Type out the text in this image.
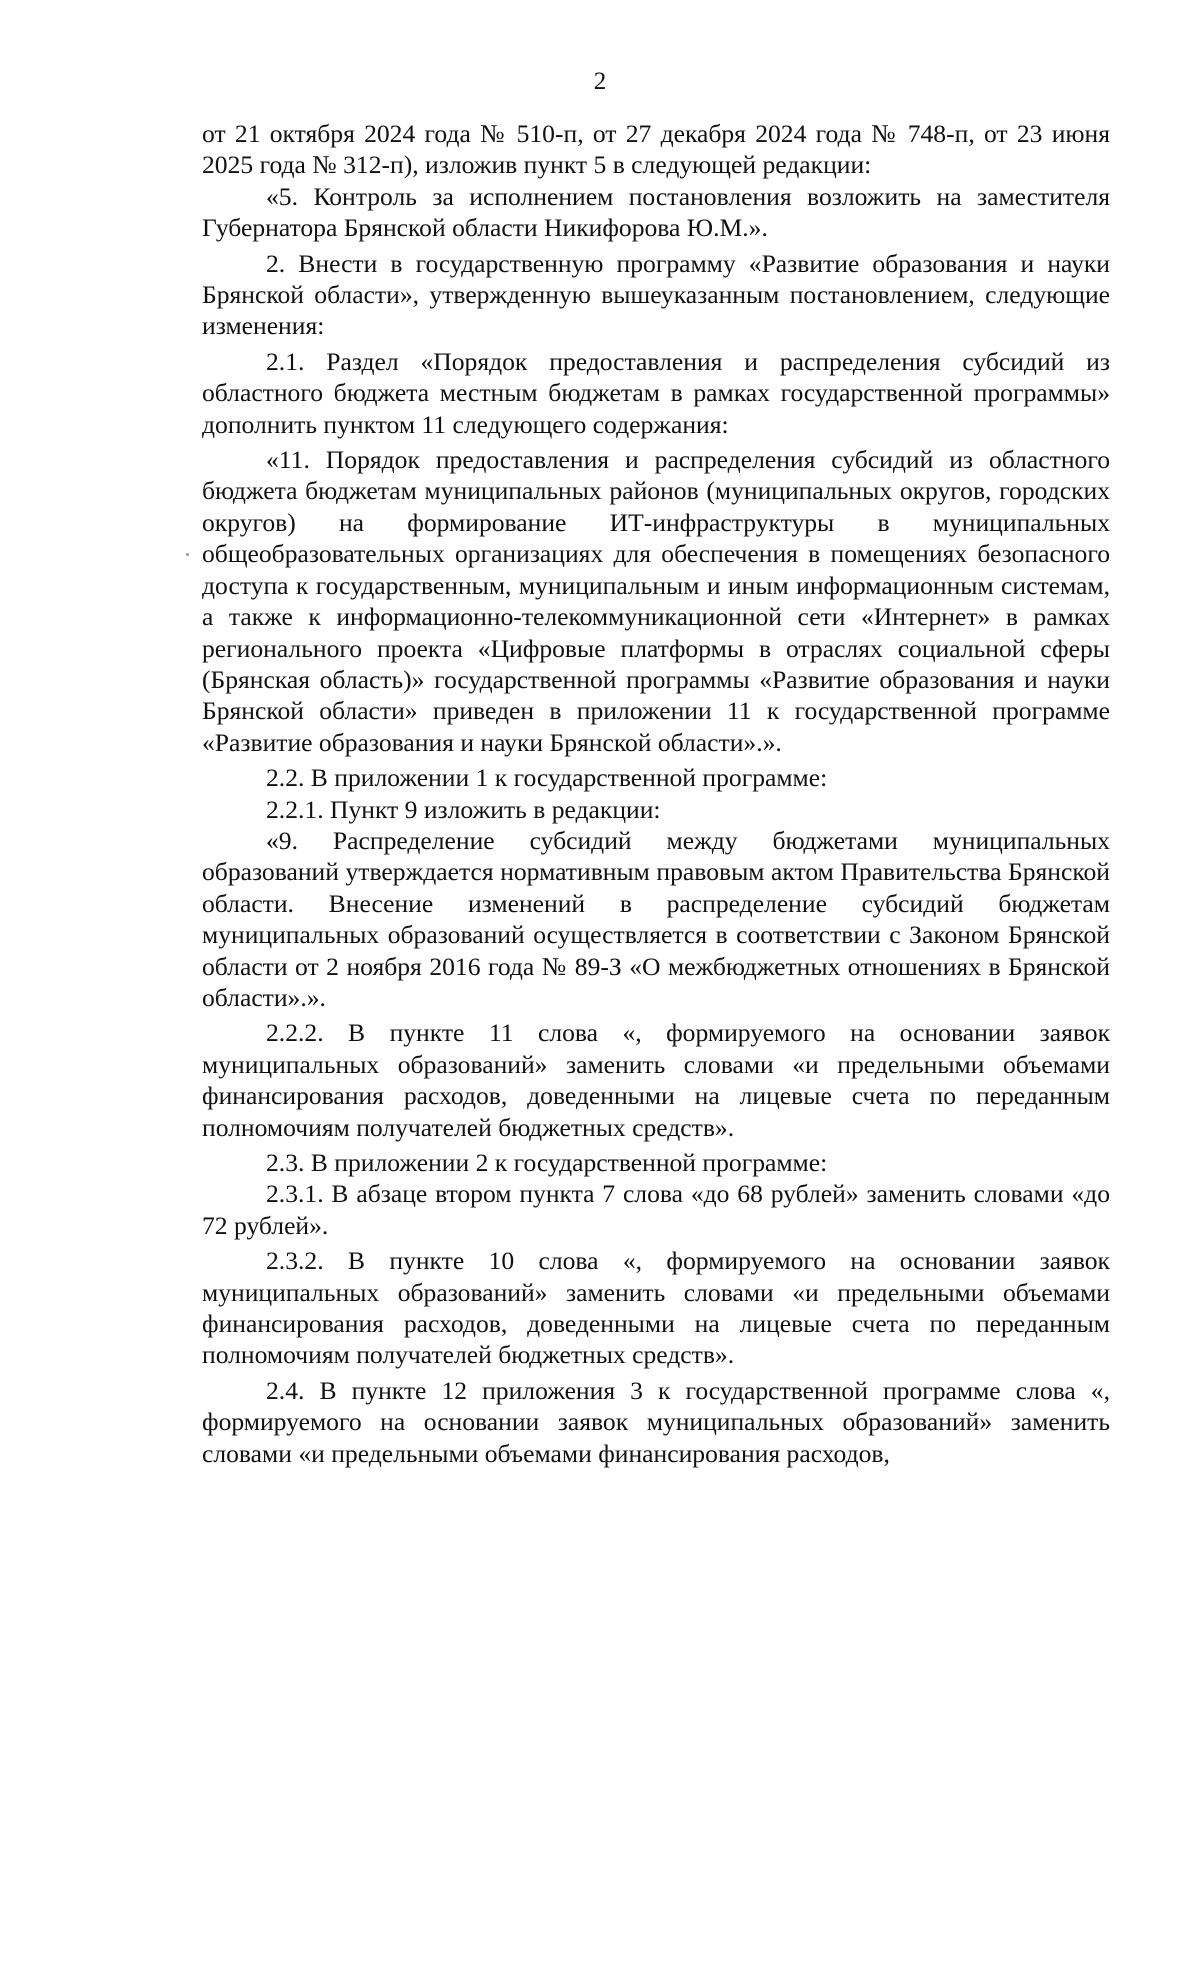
2

от 21 октября 2024 года № 510-п, от 27 декабря 2024 года № 748-п, от 23 июня 2025 года № 312-п), изложив пункт 5 в следующей редакции:

«5. Контроль за исполнением постановления возложить на заместителя Губернатора Брянской области Никифорова Ю.М.».

2. Внести в государственную программу «Развитие образования и науки Брянской области», утвержденную вышеуказанным постановлением, следующие изменения:

2.1. Раздел «Порядок предоставления и распределения субсидий из областного бюджета местным бюджетам в рамках государственной программы» дополнить пунктом 11 следующего содержания:

«11. Порядок предоставления и распределения субсидий из областного бюджета бюджетам муниципальных районов (муниципальных округов, городских округов) на формирование ИТ-инфраструктуры в муниципальных общеобразовательных организациях для обеспечения в помещениях безопасного доступа к государственным, муниципальным и иным информационным системам, а также к информационно-телекоммуникационной сети «Интернет» в рамках регионального проекта «Цифровые платформы в отраслях социальной сферы (Брянская область)» государственной программы «Развитие образования и науки Брянской области» приведен в приложении 11 к государственной программе «Развитие образования и науки Брянской области».».

2.2. В приложении 1 к государственной программе:

2.2.1. Пункт 9 изложить в редакции:

«9. Распределение субсидий между бюджетами муниципальных образований утверждается нормативным правовым актом Правительства Брянской области. Внесение изменений в распределение субсидий бюджетам муниципальных образований осуществляется в соответствии с Законом Брянской области от 2 ноября 2016 года № 89-З «О межбюджетных отношениях в Брянской области».».

2.2.2. В пункте 11 слова «, формируемого на основании заявок муниципальных образований» заменить словами «и предельными объемами финансирования расходов, доведенными на лицевые счета по переданным полномочиям получателей бюджетных средств».

2.3. В приложении 2 к государственной программе:

2.3.1. В абзаце втором пункта 7 слова «до 68 рублей» заменить словами «до 72 рублей».

2.3.2. В пункте 10 слова «, формируемого на основании заявок муниципальных образований» заменить словами «и предельными объемами финансирования расходов, доведенными на лицевые счета по переданным полномочиям получателей бюджетных средств».

2.4. В пункте 12 приложения 3 к государственной программе слова «, формируемого на основании заявок муниципальных образований» заменить словами «и предельными объемами финансирования расходов,
